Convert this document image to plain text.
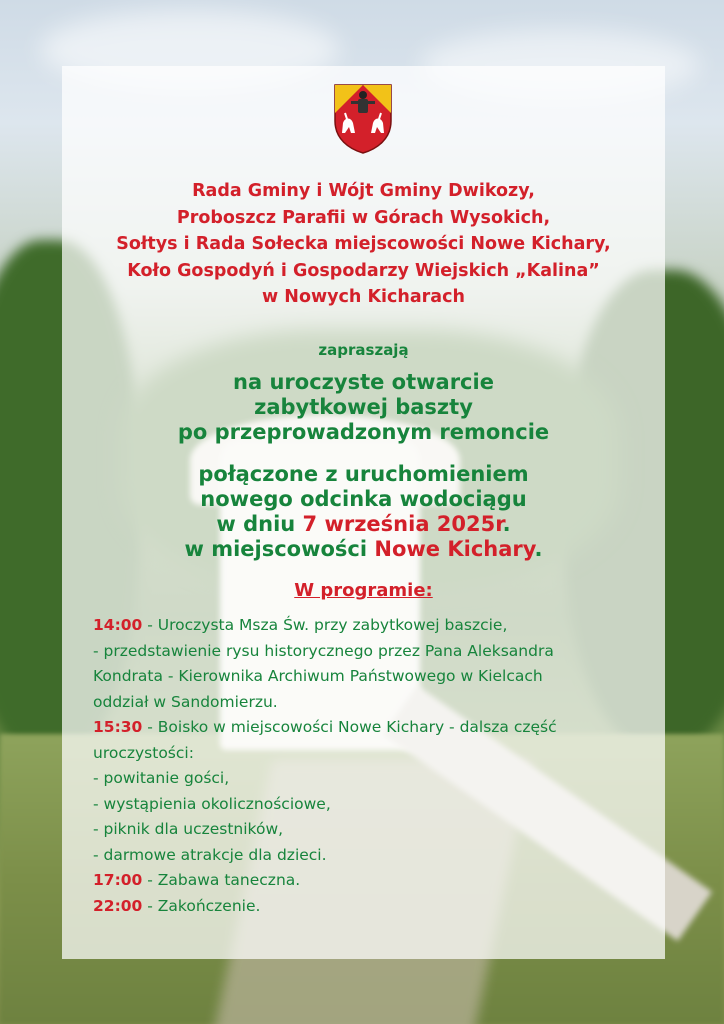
Rada Gminy i Wójt Gminy Dwikozy,
Proboszcz Parafii w Górach Wysokich,
Sołtys i Rada Sołecka miejscowości Nowe Kichary,
Koło Gospodyń i Gospodarzy Wiejskich „Kalina”
w Nowych Kicharach
zapraszają
na uroczyste otwarcie
zabytkowej baszty
po przeprowadzonym remoncie
połączone z uruchomieniem
nowego odcinka wodociągu
w dniu 7 września 2025r.
w miejscowości Nowe Kichary.
W programie:
14:00 - Uroczysta Msza Św. przy zabytkowej baszcie,
- przedstawienie rysu historycznego przez Pana Aleksandra
Kondrata - Kierownika Archiwum Państwowego w Kielcach
oddział w Sandomierzu.
15:30 - Boisko w miejscowości Nowe Kichary - dalsza część
uroczystości:
- powitanie gości,
- wystąpienia okolicznościowe,
- piknik dla uczestników,
- darmowe atrakcje dla dzieci.
17:00 - Zabawa taneczna.
22:00 - Zakończenie.
